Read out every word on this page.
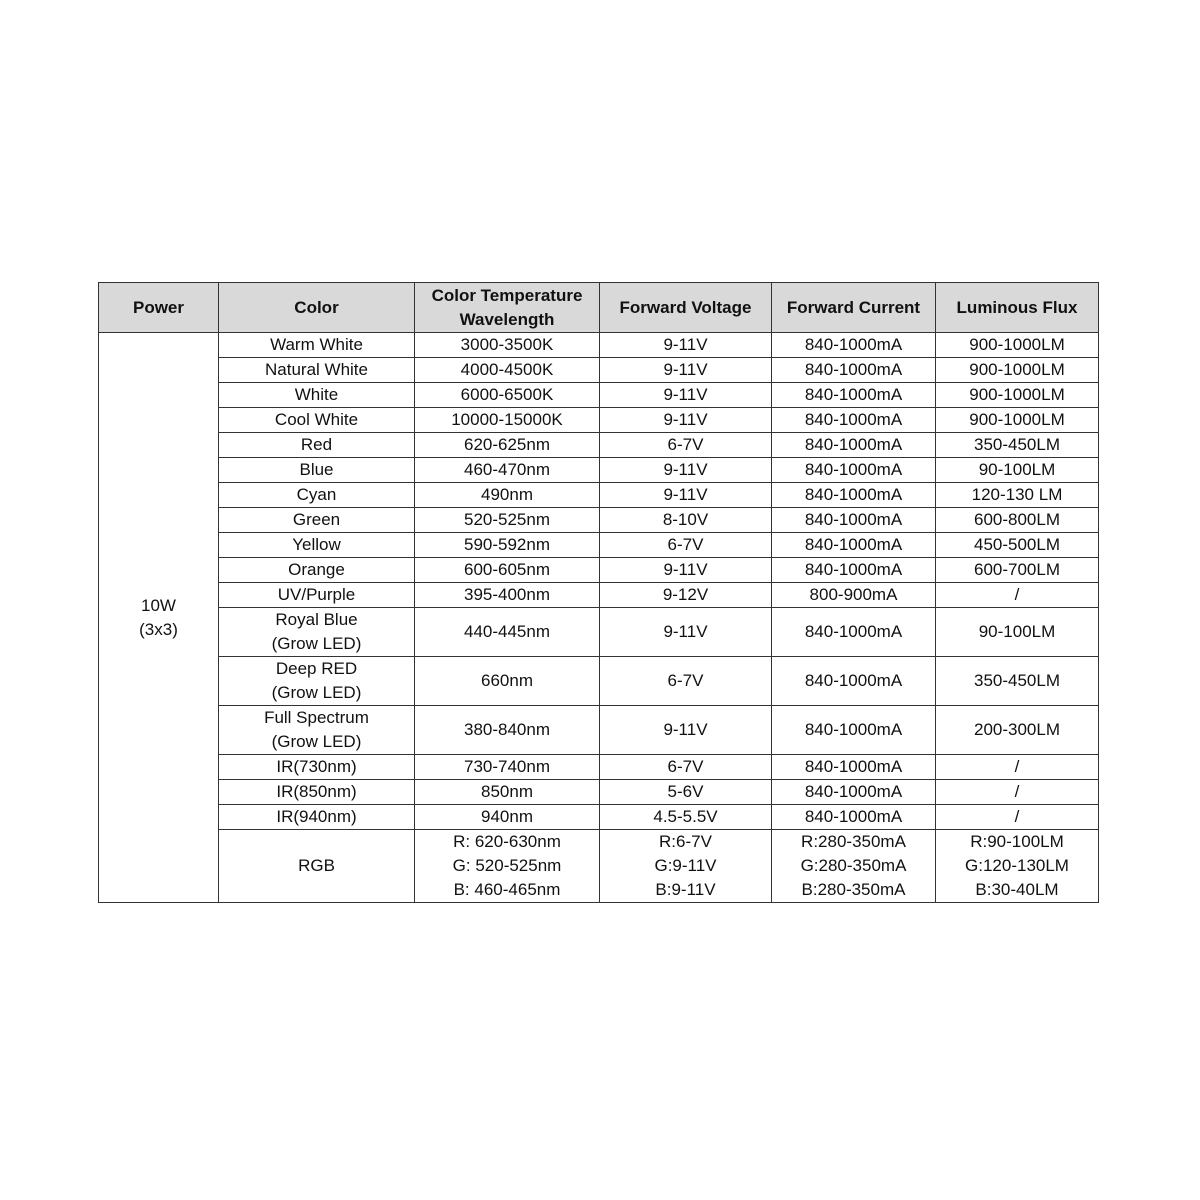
Power	Color	Color Temperature
Wavelength	Forward Voltage	Forward Current	Luminous Flux

10W
(3x3)	Warm White	3000-3500K	9-11V	840-1000mA	900-1000LM

	Natural White	4000-4500K	9-11V	840-1000mA	900-1000LM

	White	6000-6500K	9-11V	840-1000mA	900-1000LM

	Cool White	10000-15000K	9-11V	840-1000mA	900-1000LM

	Red	620-625nm	6-7V	840-1000mA	350-450LM

	Blue	460-470nm	9-11V	840-1000mA	90-100LM

	Cyan	490nm	9-11V	840-1000mA	120-130 LM

	Green	520-525nm	8-10V	840-1000mA	600-800LM

	Yellow	590-592nm	6-7V	840-1000mA	450-500LM

	Orange	600-605nm	9-11V	840-1000mA	600-700LM

	UV/Purple	395-400nm	9-12V	800-900mA	/

	Royal Blue
(Grow LED)	440-445nm	9-11V	840-1000mA	90-100LM

	Deep RED
(Grow LED)	660nm	6-7V	840-1000mA	350-450LM

	Full Spectrum
(Grow LED)	380-840nm	9-11V	840-1000mA	200-300LM

	IR(730nm)	730-740nm	6-7V	840-1000mA	/

	IR(850nm)	850nm	5-6V	840-1000mA	/

	IR(940nm)	940nm	4.5-5.5V	840-1000mA	/

	RGB	R: 620-630nm
G: 520-525nm
B: 460-465nm	R:6-7V
G:9-11V
B:9-11V	R:280-350mA
G:280-350mA
B:280-350mA	R:90-100LM
G:120-130LM
B:30-40LM
